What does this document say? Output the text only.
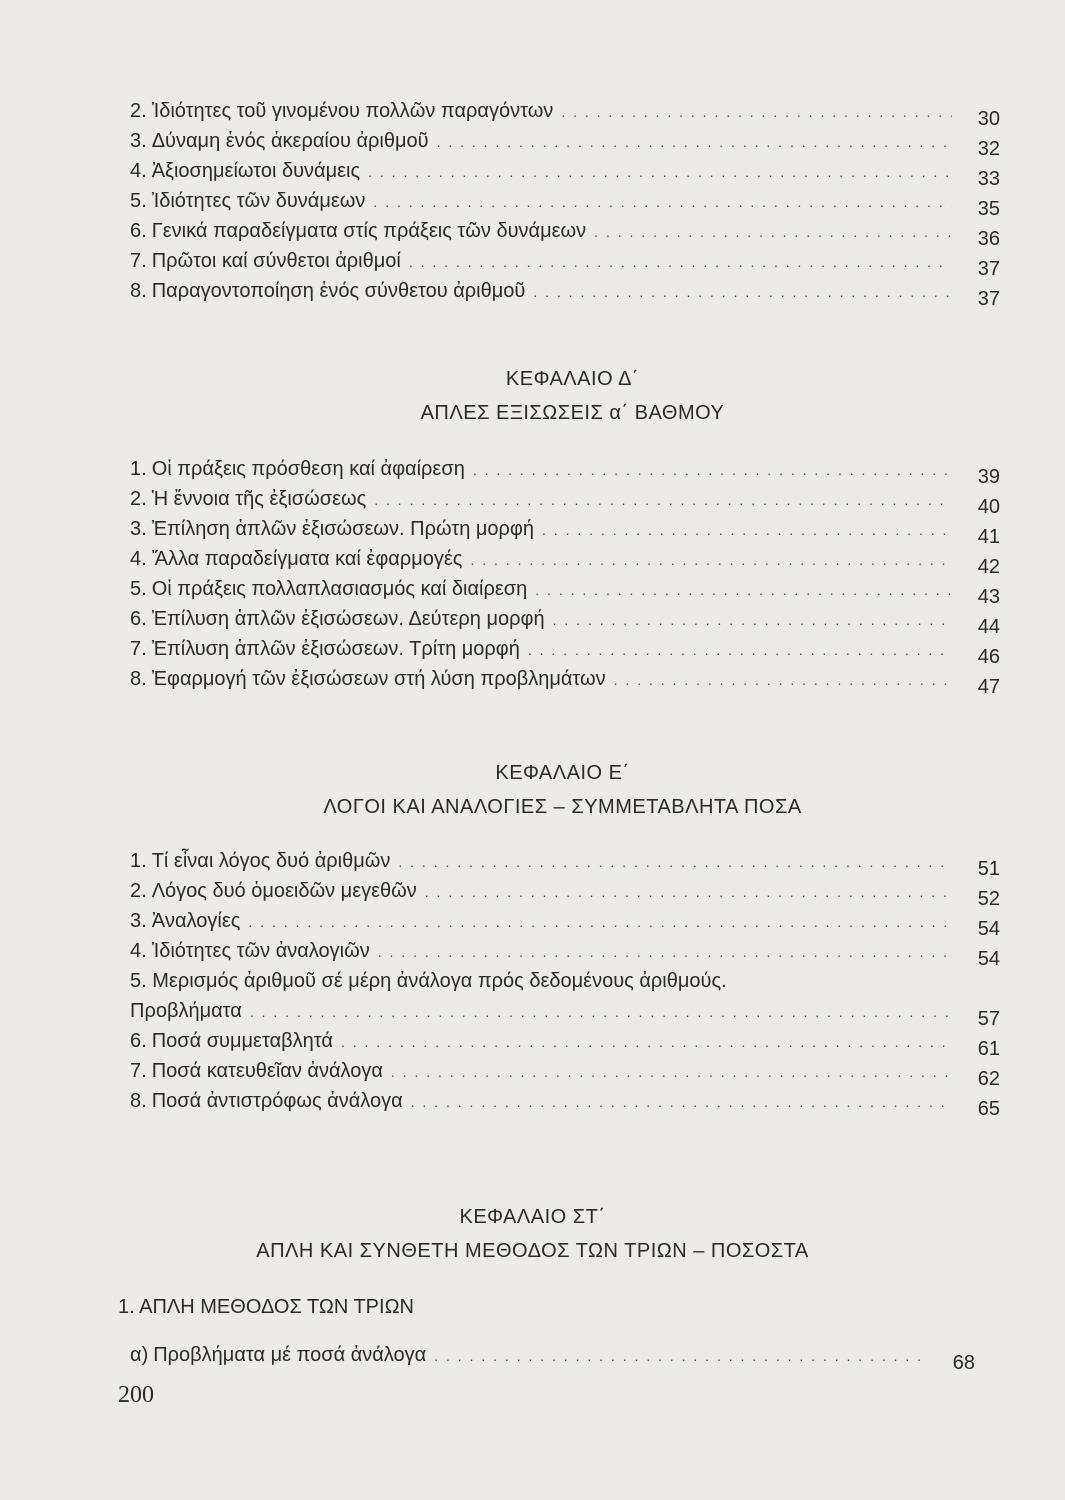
2. Ἰδιότητες τοῦ γινομένου πολλῶν παραγόντων . . .	30
3. Δύναμη ἑνός ἀκεραίου ἀριθμοῦ . . .	32
4. Ἀξιοσημείωτοι δυνάμεις . . .	33
5. Ἰδιότητες τῶν δυνάμεων . . .	35
6. Γενικά παραδείγματα στίς πράξεις τῶν δυνάμεων . . .	36
7. Πρῶτοι καί σύνθετοι ἀριθμοί . . .	37
8. Παραγοντοποίηση ἑνός σύνθετου ἀριθμοῦ . . .	37
ΚΕΦΑΛΑΙΟ Δ΄
ΑΠΛΕΣ ΕΞΙΣΩΣΕΙΣ α΄ ΒΑΘΜΟΥ
1. Οἱ πράξεις πρόσθεση καί ἀφαίρεση . . .	39
2. Ἡ ἔννοια τῆς ἐξισώσεως . . .	40
3. Ἐπίληση ἁπλῶν ἐξισώσεων. Πρώτη μορφή . . .	41
4. Ἄλλα παραδείγματα καί ἐφαρμογές . . .	42
5. Οἱ πράξεις πολλαπλασιασμός καί διαίρεση . . .	43
6. Ἐπίλυση ἁπλῶν ἐξισώσεων. Δεύτερη μορφή . . .	44
7. Ἐπίλυση ἁπλῶν ἐξισώσεων. Τρίτη μορφή . . .	46
8. Ἐφαρμογή τῶν ἐξισώσεων στή λύση προβλημάτων . . .	47
ΚΕΦΑΛΑΙΟ Ε΄
ΛΟΓΟΙ ΚΑΙ ΑΝΑΛΟΓΙΕΣ – ΣΥΜΜΕΤΑΒΛΗΤΑ ΠΟΣΑ
1. Τί εἶναι λόγος δυό ἀριθμῶν . . .	51
2. Λόγος δυό ὁμοειδῶν μεγεθῶν . . .	52
3. Ἀναλογίες . . .	54
4. Ἰδιότητες τῶν ἀναλογιῶν . . .	54
5. Μερισμός ἀριθμοῦ σέ μέρη ἀνάλογα πρός δεδομένους ἀριθμούς.
Προβλήματα . . .	57
6. Ποσά συμμεταβλητά . . .	61
7. Ποσά κατευθεῖαν ἀνάλογα . . .	62
8. Ποσά ἀντιστρόφως ἀνάλογα . . .	65
ΚΕΦΑΛΑΙΟ ΣΤ΄
ΑΠΛΗ ΚΑΙ ΣΥΝΘΕΤΗ ΜΕΘΟΔΟΣ ΤΩΝ ΤΡΙΩΝ – ΠΟΣΟΣΤΑ
1. ΑΠΛΗ ΜΕΘΟΔΟΣ ΤΩΝ ΤΡΙΩΝ
α) Προβλήματα μέ ποσά ἀνάλογα . . .	68
200
